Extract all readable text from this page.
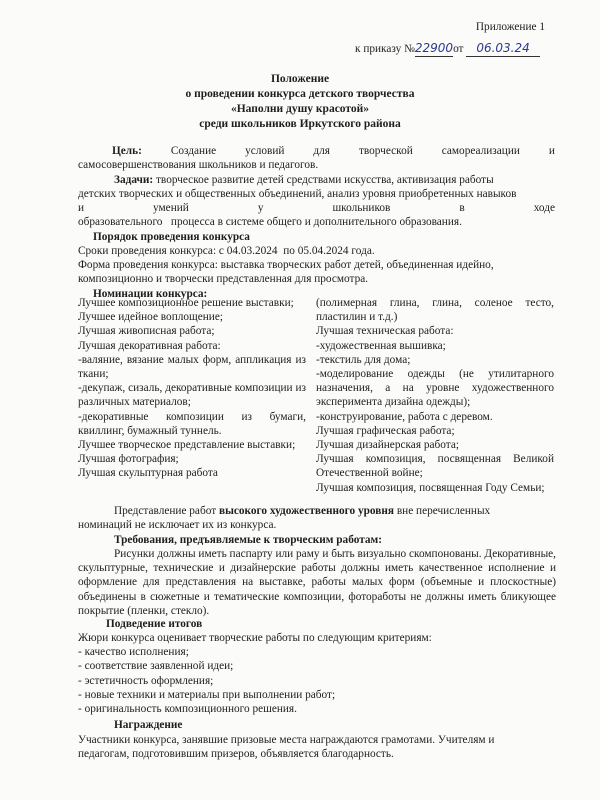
Приложение 1
к приказу №22900от 06.03.24
Положение
о проведении конкурса детского творчества
«Наполни душу красотой»
среди школьников Иркутского района
Цель:	Создание	условий	для	творческой	самореализации	и
самосовершенствования школьников и педагогов.
Задачи: творческое развитие детей средствами искусства, активизация работы
детских творческих и общественных объединений, анализ уровня приобретенных навыков
и	умений	у	школьников	в	ходе
образовательного   процесса в системе общего и дополнительного образования.
Порядок проведения конкурса
Сроки проведения конкурса: с 04.03.2024  по 05.04.2024 года.
Форма проведения конкурса: выставка творческих работ детей, объединенная идейно,
композиционно и творчески представленная для просмотра.
Номинации конкурса:
Лучшее композиционное решение выставки;
Лучшее идейное воплощение;
Лучшая живописная работа;
Лучшая декоративная работа:
-валяние, вязание малых форм, аппликация из ткани;
-декупаж, сизаль, декоративные композиции из различных материалов;
-декоративные композиции из бумаги, квиллинг, бумажный туннель.
Лучшее творческое представление выставки;
Лучшая фотография;
Лучшая скульптурная работа
(полимерная глина, глина, соленое тесто, пластилин и т.д.)
Лучшая техническая работа:
-художественная вышивка;
-текстиль для дома;
-моделирование одежды (не утилитарного назначения, а на уровне художественного эксперимента дизайна одежды);
-конструирование, работа с деревом.
Лучшая графическая работа;
Лучшая дизайнерская работа;
Лучшая композиция, посвященная Великой Отечественной войне;
Лучшая композиция, посвященная Году Семьи;
Представление работ высокого художественного уровня вне перечисленных
номинаций не исключает их из конкурса.
Требования, предъявляемые к творческим работам:
Рисунки должны иметь паспарту или раму и быть визуально скомпонованы. Декоративные, скульптурные, технические и дизайнерские работы должны иметь качественное исполнение и оформление для представления на выставке, работы малых форм (объемные и плоскостные) объединены в сюжетные и тематические композиции, фотоработы не должны иметь бликующее покрытие (пленки, стекло).
Подведение итогов
Жюри конкурса оценивает творческие работы по следующим критериям:
- качество исполнения;
- соответствие заявленной идеи;
- эстетичность оформления;
- новые техники и материалы при выполнении работ;
- оригинальность композиционного решения.
Награждение
Участники конкурса, занявшие призовые места награждаются грамотами. Учителям и
педагогам, подготовившим призеров, объявляется благодарность.
